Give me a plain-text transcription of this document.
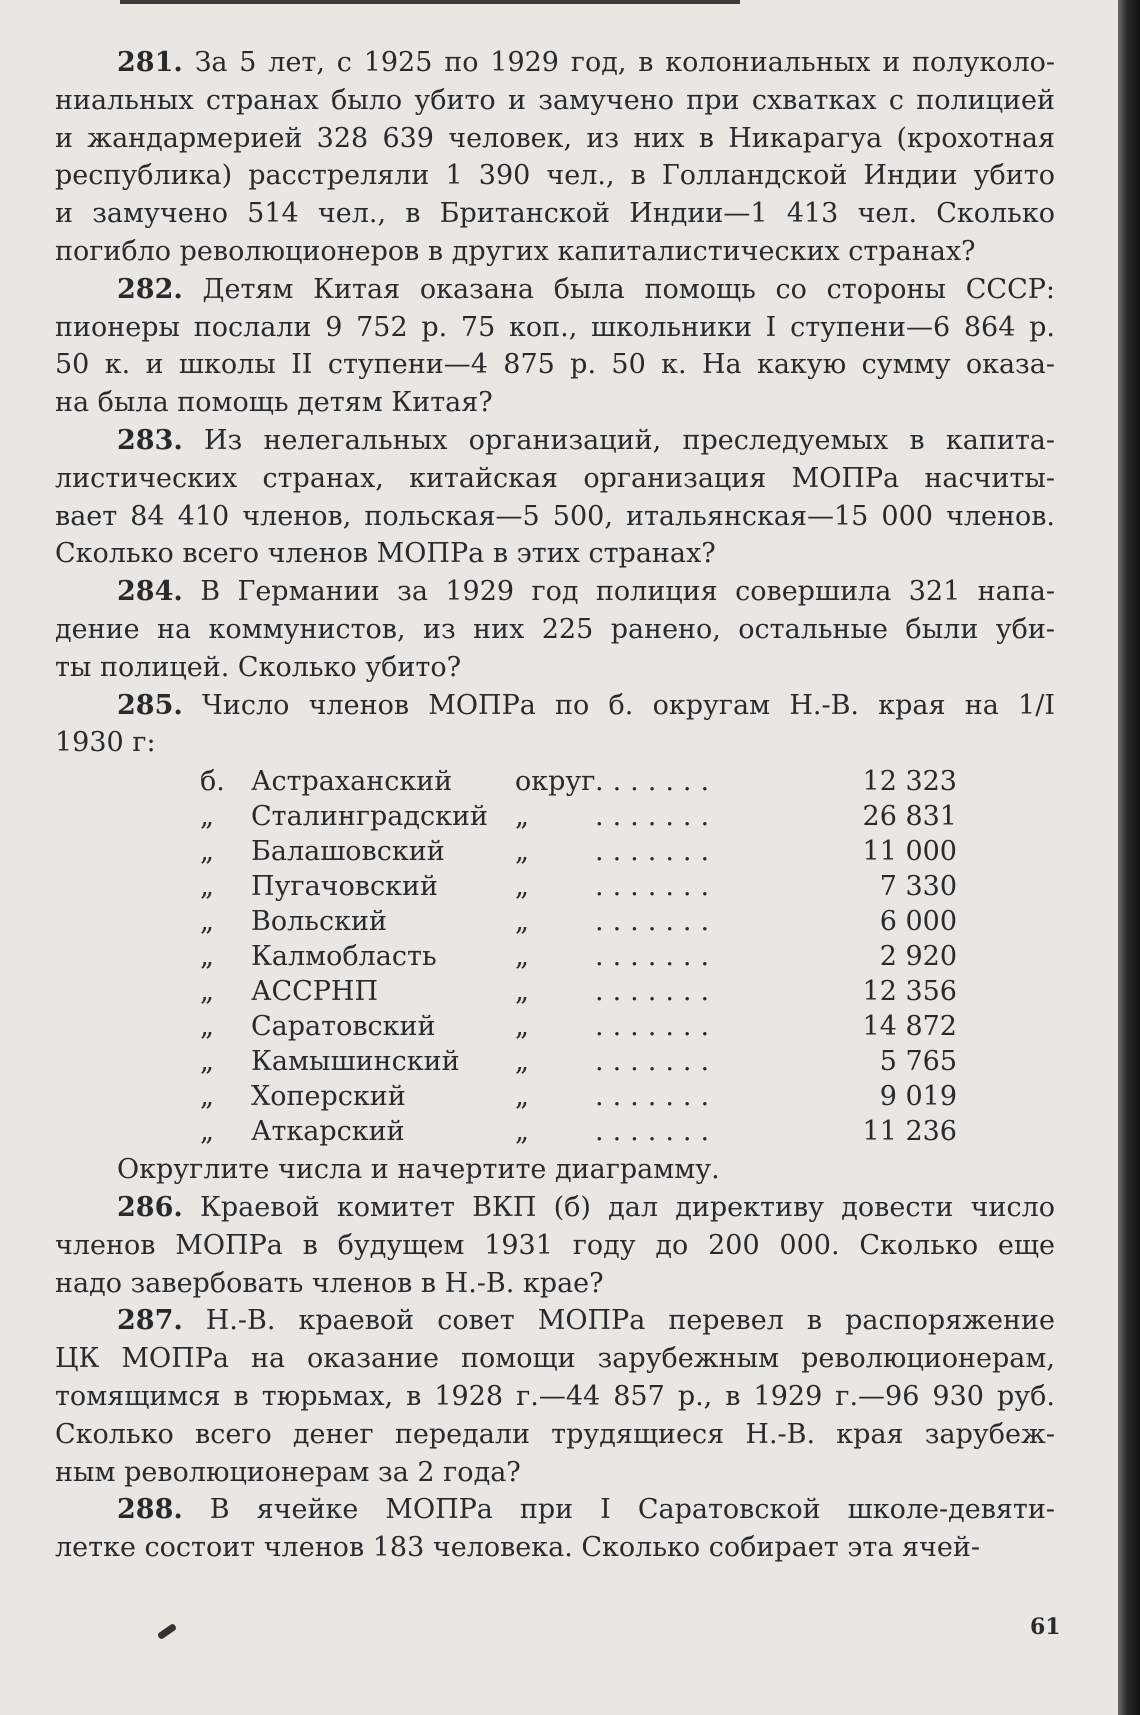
281. За 5 лет, с 1925 по 1929 год, в колониальных и полуколо-
ниальных странах было убито и замучено при схватках с полицией
и жандармерией 328 639 человек, из них в Никарагуа (крохотная
республика) расстреляли 1 390 чел., в Голландской Индии убито
и замучено 514 чел., в Британской Индии—1 413 чел. Сколько
погибло революционеров в других капиталистических странах?
282. Детям Китая оказана была помощь со стороны СССР:
пионеры послали 9 752 р. 75 коп., школьники I ступени—6 864 р.
50 к. и школы II ступени—4 875 р. 50 к. На какую сумму оказа-
на была помощь детям Китая?
283. Из нелегальных организаций, преследуемых в капита-
листических странах, китайская организация МОПРа насчиты-
вает 84 410 членов, польская—5 500, итальянская—15 000 членов.
Сколько всего членов МОПРа в этих странах?
284. В Германии за 1929 год полиция совершила 321 напа-
дение на коммунистов, из них 225 ранено, остальные были уби-
ты полицей. Сколько убито?
285. Число членов МОПРа по б. округам Н.-В. края на 1/I
1930 г:
б. Астраханский округ .......	12 323
„ Сталинградский „ .......	26 831
„ Балашовский	„ .......	11 000
„ Пугачовский	„ .......	7 330
„ Вольский	„ .......	6 000
„ Калмобласть	„ .......	2 920
„ АССРНП	„ .......	12 356
„ Саратовский	„ .......	14 872
„ Камышинский „ .......	5 765
„ Хоперский	„ .......	9 019
„ Аткарский	„ .......	11 236
Округлите числа и начертите диаграмму.
286. Краевой комитет ВКП (б) дал директиву довести число
членов МОПРа в будущем 1931 году до 200 000. Сколько еще
надо завербовать членов в Н.-В. крае?
287. Н.-В. краевой совет МОПРа перевел в распоряжение
ЦК МОПРа на оказание помощи зарубежным революционерам,
томящимся в тюрьмах, в 1928 г.—44 857 р., в 1929 г.—96 930 руб.
Сколько всего денег передали трудящиеся Н.-В. края зарубеж-
ным революционерам за 2 года?
288. В ячейке МОПРа при I Саратовской школе-девяти-
летке состоит членов 183 человека. Сколько собирает эта ячей-
61
